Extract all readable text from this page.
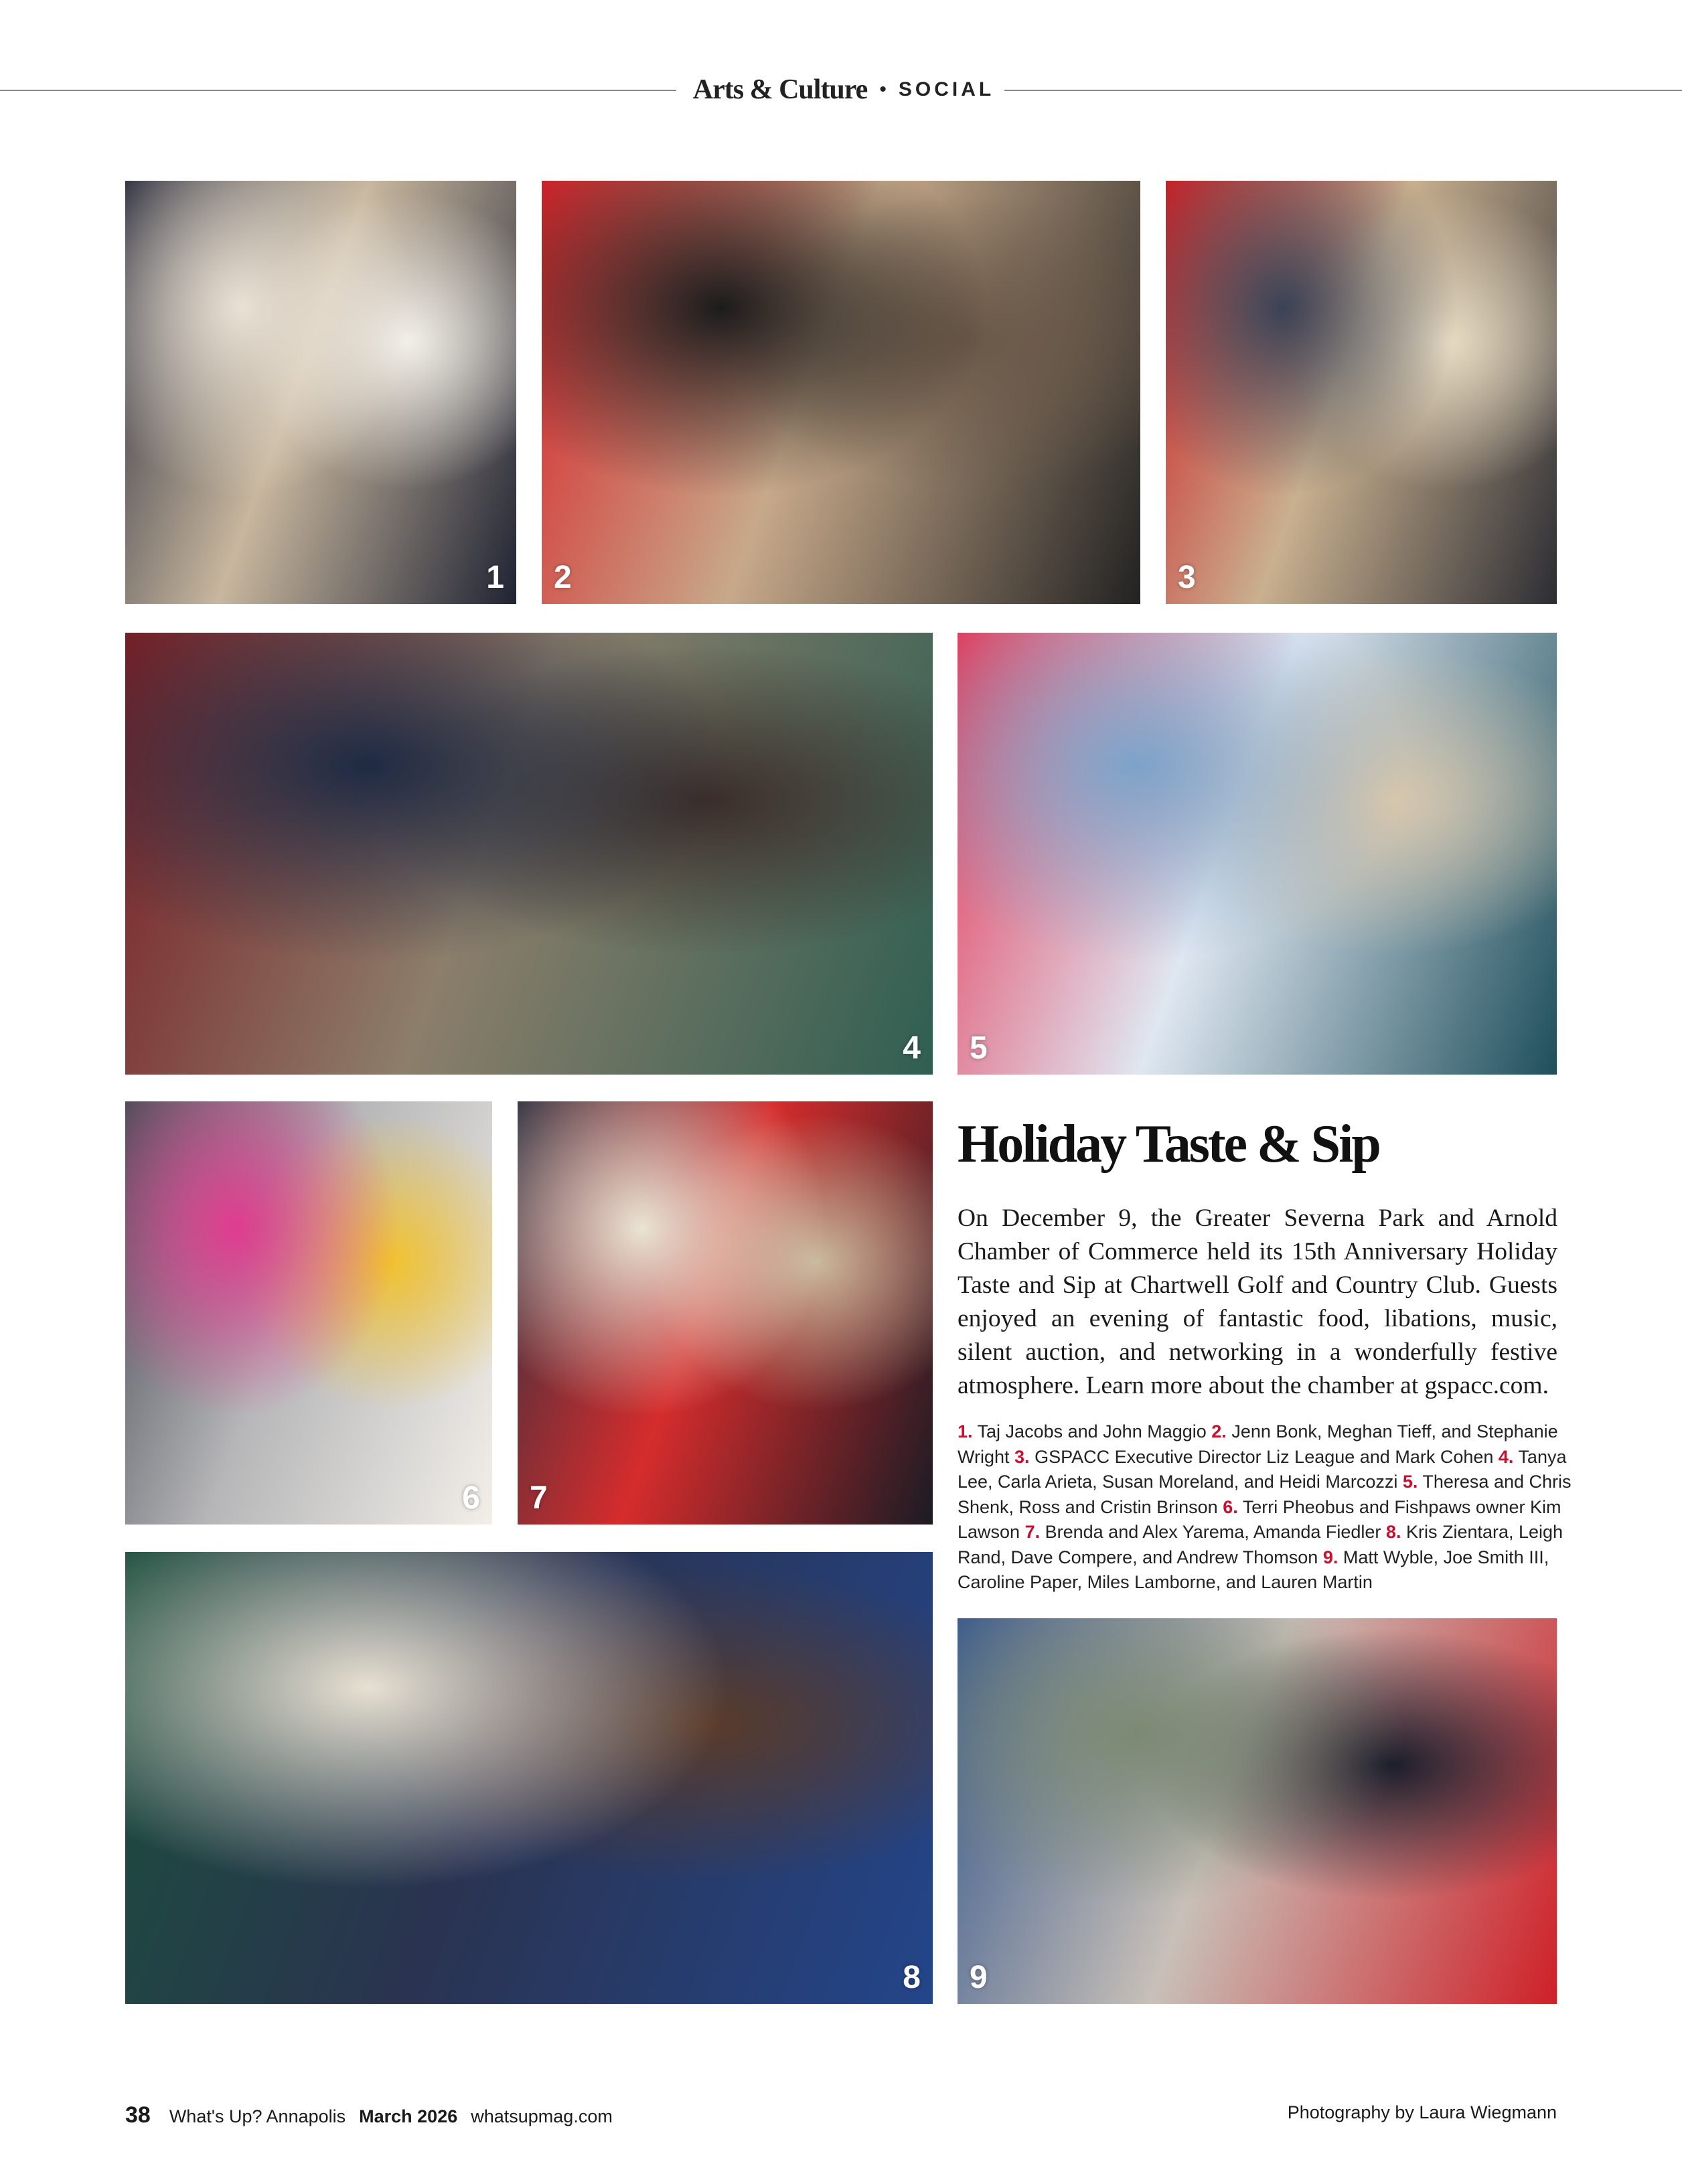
Arts & Culture • SOCIAL
1 2	3
4 5
6 7
8 9
Holiday Taste & Sip

On December 9, the Greater Severna Park and Arnold Chamber of Commerce held its 15th Anniversary Holiday Taste and Sip at Chartwell Golf and Country Club. Guests enjoyed an evening of fantastic food, libations, music, silent auction, and networking in a wonderfully festive atmosphere. Learn more about the chamber at gspacc.com.

1. Taj Jacobs and John Maggio 2. Jenn Bonk, Meghan Tieff, and Stephanie Wright 3. GSPACC Executive Director Liz League and Mark Cohen 4. Tanya Lee, Carla Arieta, Susan Moreland, and Heidi Marcozzi 5. Theresa and Chris Shenk, Ross and Cristin Brinson 6. Terri Pheobus and Fishpaws owner Kim Lawson 7. Brenda and Alex Yarema, Amanda Fiedler 8. Kris Zientara, Leigh Rand, Dave Compere, and Andrew Thomson 9. Matt Wyble, Joe Smith III, Caroline Paper, Miles Lamborne, and Lauren Martin

38 What's Up? Annapolis March 2026 whatsupmag.com	Photography by Laura Wiegmann
